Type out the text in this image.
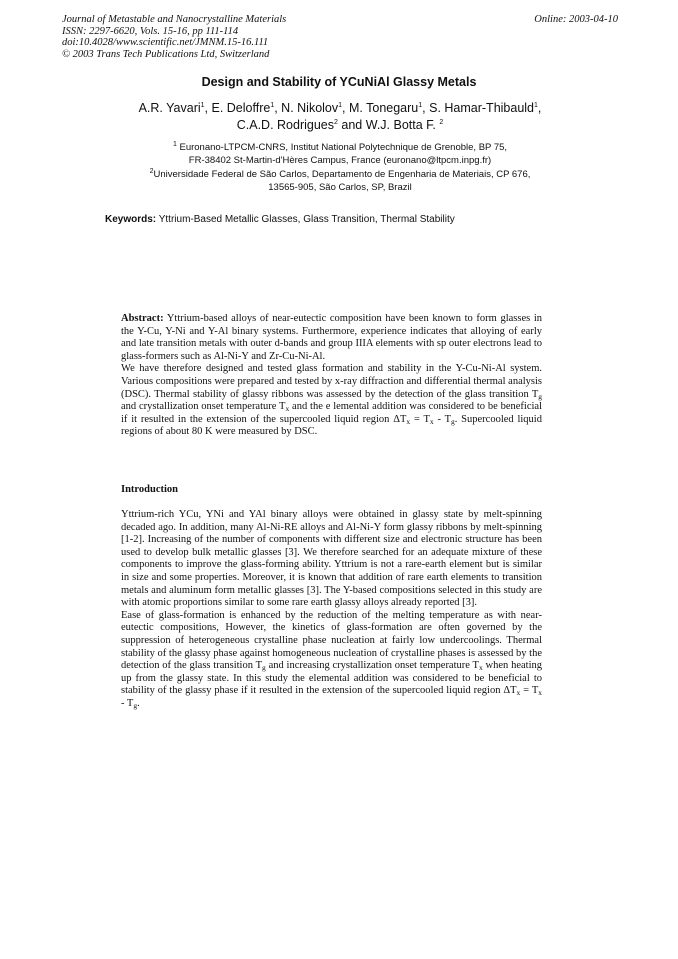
Journal of Metastable and Nanocrystalline Materials
ISSN: 2297-6620, Vols. 15-16, pp 111-114
doi:10.4028/www.scientific.net/JMNM.15-16.111
© 2003 Trans Tech Publications Ltd, Switzerland
Online: 2003-04-10
Design and Stability of YCuNiAl Glassy Metals
A.R. Yavari$^1$, E. Deloffre$^1$, N. Nikolov$^1$, M. Tonegaru$^1$, S. Hamar-Thibauld$^1$,
C.A.D. Rodrigues$^2$ and W.J. Botta F. $^2$
$^1$ Euronano-LTPCM-CNRS, Institut National Polytechnique de Grenoble, BP 75,
FR-38402 St-Martin-d'Hères Campus, France (euronano@ltpcm.inpg.fr)
$^2$Universidade Federal de São Carlos, Departamento de Engenharia de Materiais, CP 676,
13565-905, São Carlos, SP, Brazil
Keywords: Yttrium-Based Metallic Glasses, Glass Transition, Thermal Stability

Abstract: Yttrium-based alloys of near-eutectic composition have been known to form glasses in the Y-Cu, Y-Ni and Y-Al binary systems. Furthermore, experience indicates that alloying of early and late transition metals with outer d-bands and group IIIA elements with sp outer electrons lead to glass-formers such as Al-Ni-Y and Zr-Cu-Ni-Al.

We have therefore designed and tested glass formation and stability in the Y-Cu-Ni-Al system. Various compositions were prepared and tested by x-ray diffraction and differential thermal analysis (DSC). Thermal stability of glassy ribbons was assessed by the detection of the glass transition $T_g$ and crystallization onset temperature $T_x$ and the e lemental addition was considered to be beneficial if it resulted in the extension of the supercooled liquid region $\Delta T_x = T_x - T_g$. Supercooled liquid regions of about 80 K were measured by DSC.

Introduction

Yttrium-rich YCu, YNi and YAl binary alloys were obtained in glassy state by melt-spinning decaded ago. In addition, many Al-Ni-RE alloys and Al-Ni-Y form glassy ribbons by melt-spinning [1-2]. Increasing of the number of components with different size and electronic structure has been used to develop bulk metallic glasses [3]. We therefore searched for an adequate mixture of these components to improve the glass-forming ability. Yttrium is not a rare-earth element but is similar in size and some properties. Moreover, it is known that addition of rare earth elements to transition metals and aluminum form metallic glasses [3]. The Y-based compositions selected in this study are with atomic proportions similar to some rare earth glassy alloys already reported [3].

Ease of glass-formation is enhanced by the reduction of the melting temperature as with near-eutectic compositions, However, the kinetics of glass-formation are often governed by the suppression of heterogeneous crystalline phase nucleation at fairly low undercoolings. Thermal stability of the glassy phase against homogeneous nucleation of crystalline phases is assessed by the detection of the glass transition $T_g$ and increasing crystallization onset temperature $T_x$ when heating up from the glassy state. In this study the elemental addition was considered to be beneficial to stability of the glassy phase if it resulted in the extension of the supercooled liquid region $\Delta T_x = T_x - T_g$.
